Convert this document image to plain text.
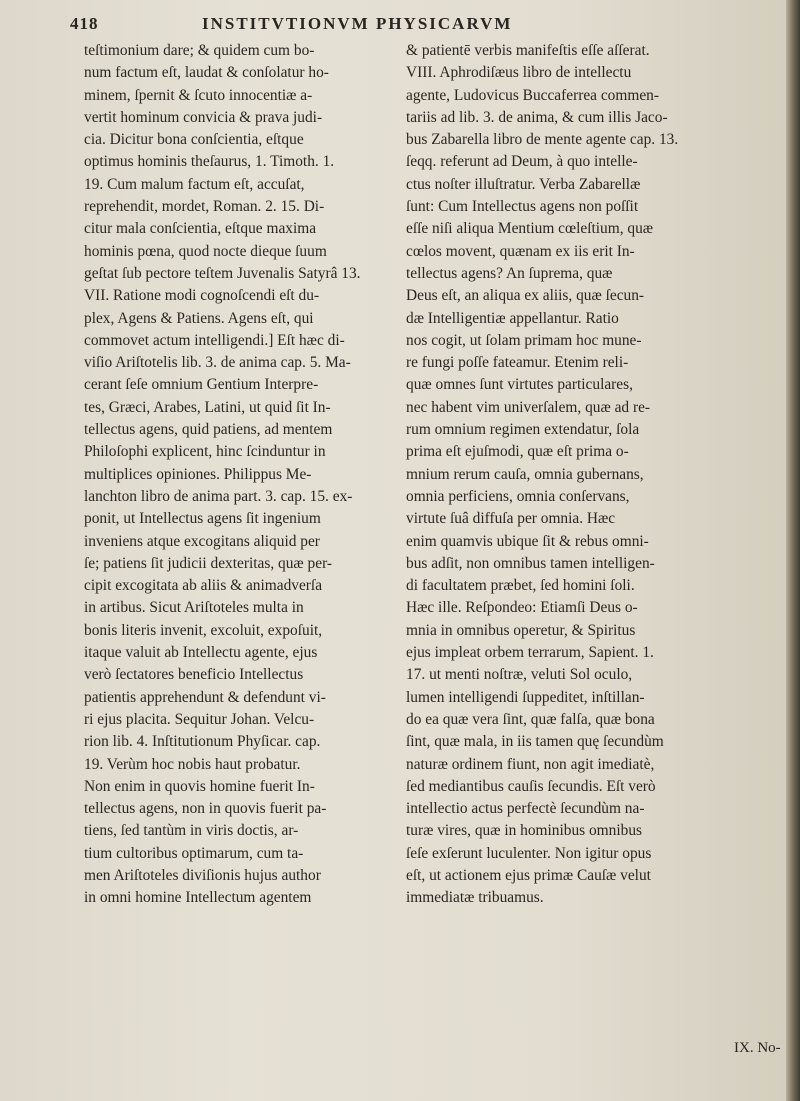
418	INSTITVTIONVM PHYSICARVM
teſtimonium dare; & quidem cum bo-
num factum eſt, laudat & conſolatur ho-
minem, ſpernit & ſcuto innocentiæ a-
vertit hominum convicia & prava judi-
cia. Dicitur bona conſcientia, eſtque
optimus hominis theſaurus, 1. Timoth. 1.
19. Cum malum factum eſt, accuſat,
reprehendit, mordet, Roman. 2. 15. Di-
citur mala conſcientia, eſtque maxima
hominis pœna, quod nocte dieque ſuum
geſtat ſub pectore teſtem Juvenalis Satyrâ 13.
VII. Ratione modi cognoſcendi eſt du-
plex, Agens & Patiens. Agens eſt, qui
commovet actum intelligendi.] Eſt hæc di-
viſio Ariſtotelis lib. 3. de anima cap. 5. Ma-
cerant ſeſe omnium Gentium Interpre-
tes, Græci, Arabes, Latini, ut quid ſit In-
tellectus agens, quid patiens, ad mentem
Philoſophi explicent, hinc ſcinduntur in
multiplices opiniones. Philippus Me-
lanchton libro de anima part. 3. cap. 15. ex-
ponit, ut Intellectus agens ſit ingenium
inveniens atque excogitans aliquid per
ſe; patiens ſit judicii dexteritas, quæ per-
cipit excogitata ab aliis & animadverſa
in artibus. Sicut Ariſtoteles multa in
bonis literis invenit, excoluit, expoſuit,
itaque valuit ab Intellectu agente, ejus
verò ſectatores beneficio Intellectus
patientis apprehendunt & defendunt vi-
ri ejus placita. Sequitur Johan. Velcu-
rion lib. 4. Inſtitutionum Phyſicar. cap.
19. Verùm hoc nobis haut probatur.
Non enim in quovis homine fuerit In-
tellectus agens, non in quovis fuerit pa-
tiens, ſed tantùm in viris doctis, ar-
tium cultoribus optimarum, cum ta-
men Ariſtoteles diviſionis hujus author
in omni homine Intellectum agentem
& patientē verbis manifeſtis eſſe aſſerat.
VIII. Aphrodiſæus libro de intellectu
agente, Ludovicus Buccaferrea commen-
tariis ad lib. 3. de anima, & cum illis Jaco-
bus Zabarella libro de mente agente cap. 13.
ſeqq. referunt ad Deum, à quo intelle-
ctus noſter illuſtratur. Verba Zabarellæ
ſunt: Cum Intellectus agens non poſſit
eſſe niſi aliqua Mentium cœleſtium, quæ
cœlos movent, quænam ex iis erit In-
tellectus agens? An ſuprema, quæ
Deus eſt, an aliqua ex aliis, quæ ſecun-
dæ Intelligentiæ appellantur. Ratio
nos cogit, ut ſolam primam hoc mune-
re fungi poſſe fateamur. Etenim reli-
quæ omnes ſunt virtutes particulares,
nec habent vim univerſalem, quæ ad re-
rum omnium regimen extendatur, ſola
prima eſt ejuſmodi, quæ eſt prima o-
mnium rerum cauſa, omnia gubernans,
omnia perficiens, omnia conſervans,
virtute ſuâ diffuſa per omnia. Hæc
enim quamvis ubique ſit & rebus omni-
bus adſit, non omnibus tamen intelligen-
di facultatem præbet, ſed homini ſoli.
Hæc ille. Reſpondeo: Etiamſi Deus o-
mnia in omnibus operetur, & Spiritus
ejus impleat orbem terrarum, Sapient. 1.
17. ut menti noſtræ, veluti Sol oculo,
lumen intelligendi ſuppeditet, inſtillan-
do ea quæ vera ſint, quæ falſa, quæ bona
ſint, quæ mala, in iis tamen quę ſecundùm
naturæ ordinem fiunt, non agit imediatè,
ſed mediantibus cauſis ſecundis. Eſt verò
intellectio actus perfectè ſecundùm na-
turæ vires, quæ in hominibus omnibus
ſeſe exſerunt luculenter. Non igitur opus
eſt, ut actionem ejus primæ Cauſæ velut
immediatæ tribuamus.
IX. No-
